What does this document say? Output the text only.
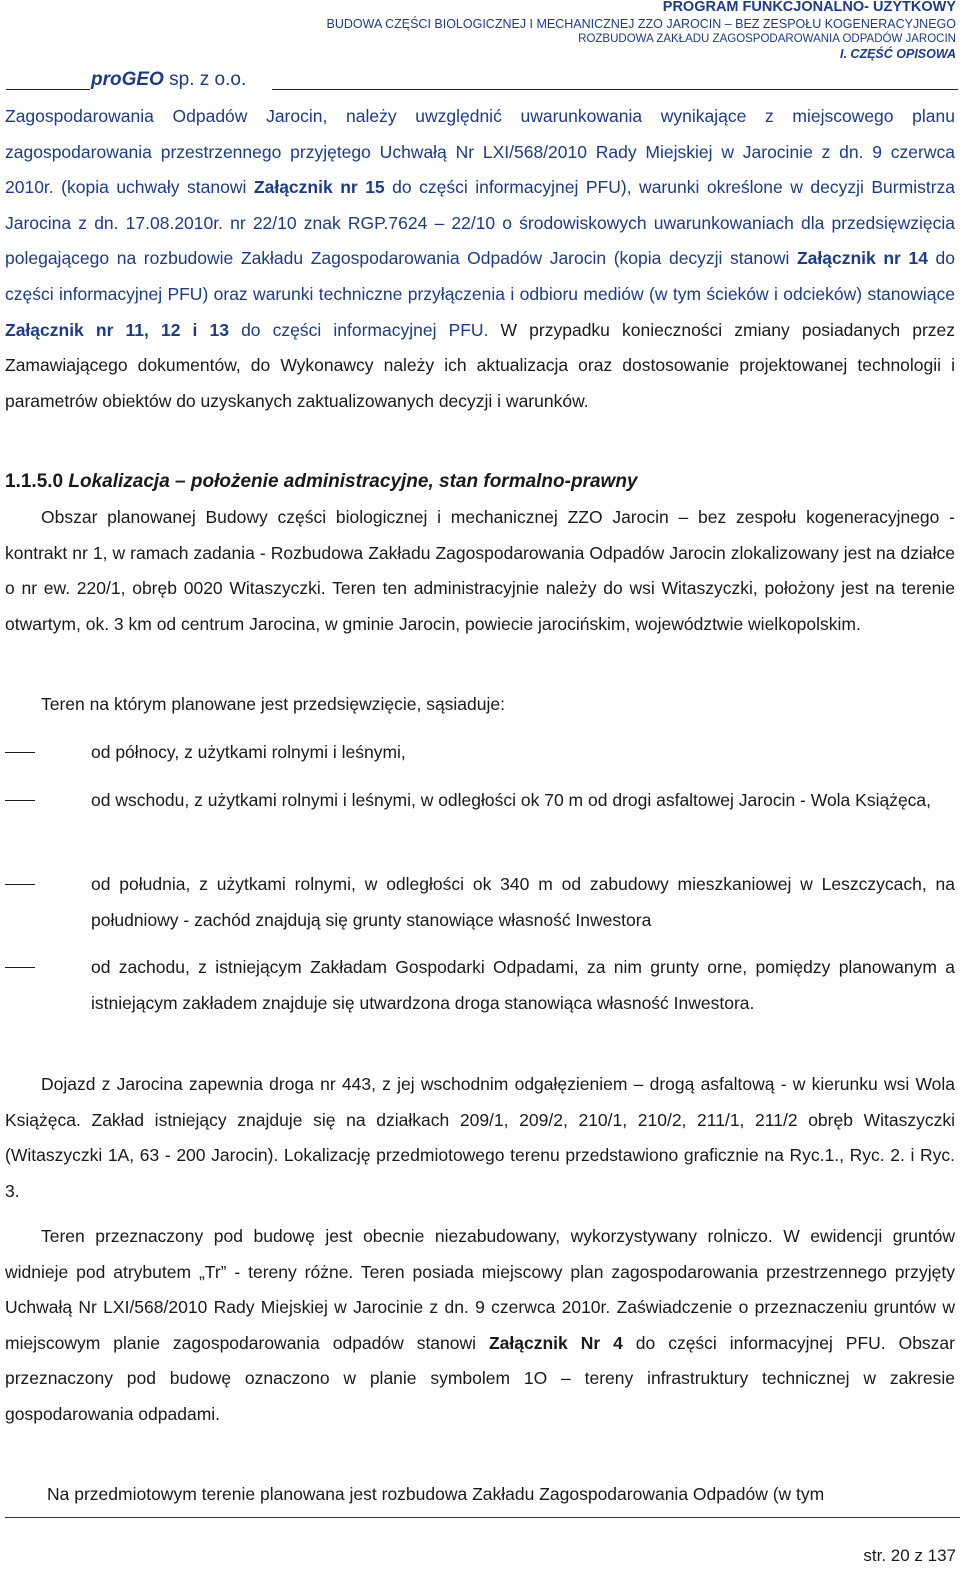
proGEO sp. z o.o.
PROGRAM FUNKCJONALNO- UŻYTKOWY
BUDOWA CZĘŚCI BIOLOGICZNEJ I MECHANICZNEJ ZZO JAROCIN – BEZ ZESPOŁU KOGENERACYJNEGO
ROZBUDOWA ZAKŁADU ZAGOSPODAROWANIA ODPADÓW JAROCIN
I. CZĘŚĆ OPISOWA

Zagospodarowania Odpadów Jarocin, należy uwzględnić uwarunkowania wynikające z miejscowego planu zagospodarowania przestrzennego przyjętego Uchwałą Nr LXI/568/2010 Rady Miejskiej w Jarocinie z dn. 9 czerwca 2010r. (kopia uchwały stanowi Załącznik nr 15 do części informacyjnej PFU), warunki określone w decyzji Burmistrza Jarocina z dn. 17.08.2010r. nr 22/10 znak RGP.7624 – 22/10 o środowiskowych uwarunkowaniach dla przedsięwzięcia polegającego na rozbudowie Zakładu Zagospodarowania Odpadów Jarocin (kopia decyzji stanowi Załącznik nr 14 do części informacyjnej PFU) oraz warunki techniczne przyłączenia i odbioru mediów (w tym ścieków i odcieków) stanowiące Załącznik nr 11, 12 i 13 do części informacyjnej PFU. W przypadku konieczności zmiany posiadanych przez Zamawiającego dokumentów, do Wykonawcy należy ich aktualizacja oraz dostosowanie projektowanej technologii i parametrów obiektów do uzyskanych zaktualizowanych decyzji i warunków.

1.1.5.0 Lokalizacja – położenie administracyjne, stan formalno-prawny

Obszar planowanej Budowy części biologicznej i mechanicznej ZZO Jarocin – bez zespołu kogeneracyjnego - kontrakt nr 1, w ramach zadania - Rozbudowa Zakładu Zagospodarowania Odpadów Jarocin zlokalizowany jest na działce o nr ew. 220/1, obręb 0020 Witaszyczki. Teren ten administracyjnie należy do wsi Witaszyczki, położony jest na terenie otwartym, ok. 3 km od centrum Jarocina, w gminie Jarocin, powiecie jarocińskim, województwie wielkopolskim.

Teren na którym planowane jest przedsięwzięcie, sąsiaduje:

od północy, z użytkami rolnymi i leśnymi,
od wschodu, z użytkami rolnymi i leśnymi, w odległości ok 70 m od drogi asfaltowej Jarocin - Wola Książęca,
od południa, z użytkami rolnymi, w odległości ok 340 m od zabudowy mieszkaniowej w Leszczycach, na południowy - zachód znajdują się grunty stanowiące własność Inwestora
od zachodu, z istniejącym Zakładam Gospodarki Odpadami, za nim grunty orne, pomiędzy planowanym a istniejącym zakładem znajduje się utwardzona droga stanowiąca własność Inwestora.

Dojazd z Jarocina zapewnia droga nr 443, z jej wschodnim odgałęzieniem – drogą asfaltową - w kierunku wsi Wola Książęca. Zakład istniejący znajduje się na działkach 209/1, 209/2, 210/1, 210/2, 211/1, 211/2 obręb Witaszyczki (Witaszyczki 1A, 63 - 200 Jarocin). Lokalizację przedmiotowego terenu przedstawiono graficznie na Ryc.1., Ryc. 2. i Ryc. 3.

Teren przeznaczony pod budowę jest obecnie niezabudowany, wykorzystywany rolniczo. W ewidencji gruntów widnieje pod atrybutem „Tr” - tereny różne. Teren posiada miejscowy plan zagospodarowania przestrzennego przyjęty Uchwałą Nr LXI/568/2010 Rady Miejskiej w Jarocinie z dn. 9 czerwca 2010r. Zaświadczenie o przeznaczeniu gruntów w miejscowym planie zagospodarowania odpadów stanowi Załącznik Nr 4 do części informacyjnej PFU. Obszar przeznaczony pod budowę oznaczono w planie symbolem 1O – tereny infrastruktury technicznej w zakresie gospodarowania odpadami.

Na przedmiotowym terenie planowana jest rozbudowa Zakładu Zagospodarowania Odpadów (w tym

str. 20 z 137
